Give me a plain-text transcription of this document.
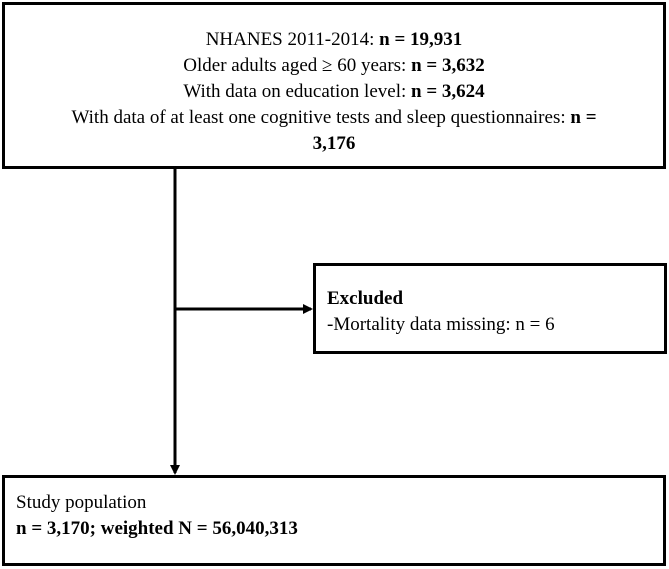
NHANES 2011-2014: n = 19,931
Older adults aged ≥ 60 years: n = 3,632
With data on education level: n = 3,624
With data of at least one cognitive tests and sleep questionnaires: n =
3,176
Excluded
-Mortality data missing: n = 6
Study population
n = 3,170; weighted N = 56,040,313
